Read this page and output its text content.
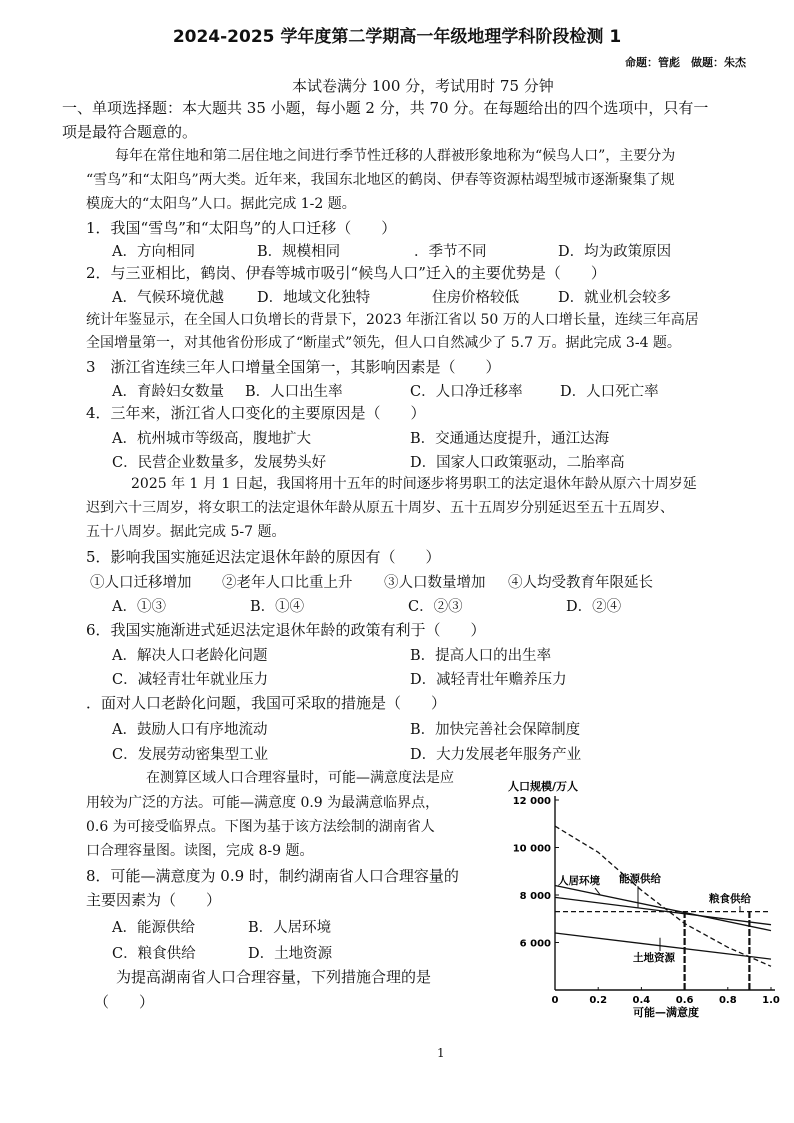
2024-2025 学年度第二学期高一年级地理学科阶段检测 1
命题：管彪　做题：朱杰
本试卷满分 100 分，考试用时 75 分钟
一、单项选择题：本大题共 35 小题，每小题 2 分，共 70 分。在每题给出的四个选项中，只有一
项是最符合题意的。
每年在常住地和第二居住地之间进行季节性迁移的人群被形象地称为“候鸟人口”，主要分为
“雪鸟”和“太阳鸟”两大类。近年来，我国东北地区的鹤岗、伊春等资源枯竭型城市逐渐聚集了规
模庞大的“太阳鸟”人口。据此完成 1-2 题。
1．我国“雪鸟”和“太阳鸟”的人口迁移（　　）
A．方向相同	B．规模相同	．季节不同	D．均为政策原因
2．与三亚相比，鹤岗、伊春等城市吸引“候鸟人口”迁入的主要优势是（　　）
A．气候环境优越 D．地域文化独特	住房价格较低	D．就业机会较多
统计年鉴显示，在全国人口负增长的背景下，2023 年浙江省以 50 万的人口增长量，连续三年高居
全国增量第一，对其他省份形成了“断崖式”领先，但人口自然减少了 5.7 万。据此完成 3-4 题。
3　浙江省连续三年人口增量全国第一，其影响因素是（　　）
A．育龄妇女数量 B．人口出生率	C．人口净迁移率	D．人口死亡率
4．三年来，浙江省人口变化的主要原因是（　　）
A．杭州城市等级高，腹地扩大	B．交通通达度提升，通江达海
C．民营企业数量多，发展势头好	D．国家人口政策驱动，二胎率高
2025 年 1 月 1 日起，我国将用十五年的时间逐步将男职工的法定退休年龄从原六十周岁延
迟到六十三周岁，将女职工的法定退休年龄从原五十周岁、五十五周岁分别延迟至五十五周岁、
五十八周岁。据此完成 5-7 题。
5．影响我国实施延迟法定退休年龄的原因有（　　）
①人口迁移增加 ②老年人口比重上升 ③人口数量增加 ④人均受教育年限延长
A．①③	B．①④	C．②③	D．②④
6．我国实施渐进式延迟法定退休年龄的政策有利于（　　）
A．解决人口老龄化问题	B．提高人口的出生率
C．减轻青壮年就业压力	D．减轻青壮年赡养压力
．面对人口老龄化问题，我国可采取的措施是（　　）
A．鼓励人口有序地流动	B．加快完善社会保障制度
C．发展劳动密集型工业	D．大力发展老年服务产业
在测算区域人口合理容量时，可能—满意度法是应
用较为广泛的方法。可能—满意度 0.9 为最满意临界点，
0.6 为可接受临界点。下图为基于该方法绘制的湖南省人
口合理容量图。读图，完成 8-9 题。
8．可能—满意度为 0.9 时，制约湖南省人口合理容量的
主要因素为（　　）
A．能源供给	B．人居环境
C．粮食供给	D．土地资源
为提高湖南省人口合理容量，下列措施合理的是
（　　）
人口规模/万人
可能—满意度
6 000
8 000
10 000
12 000
0	0.2	0.4	0.6	0.8	1.0
人居环境 能源供给
粮食供给
土地资源
1
